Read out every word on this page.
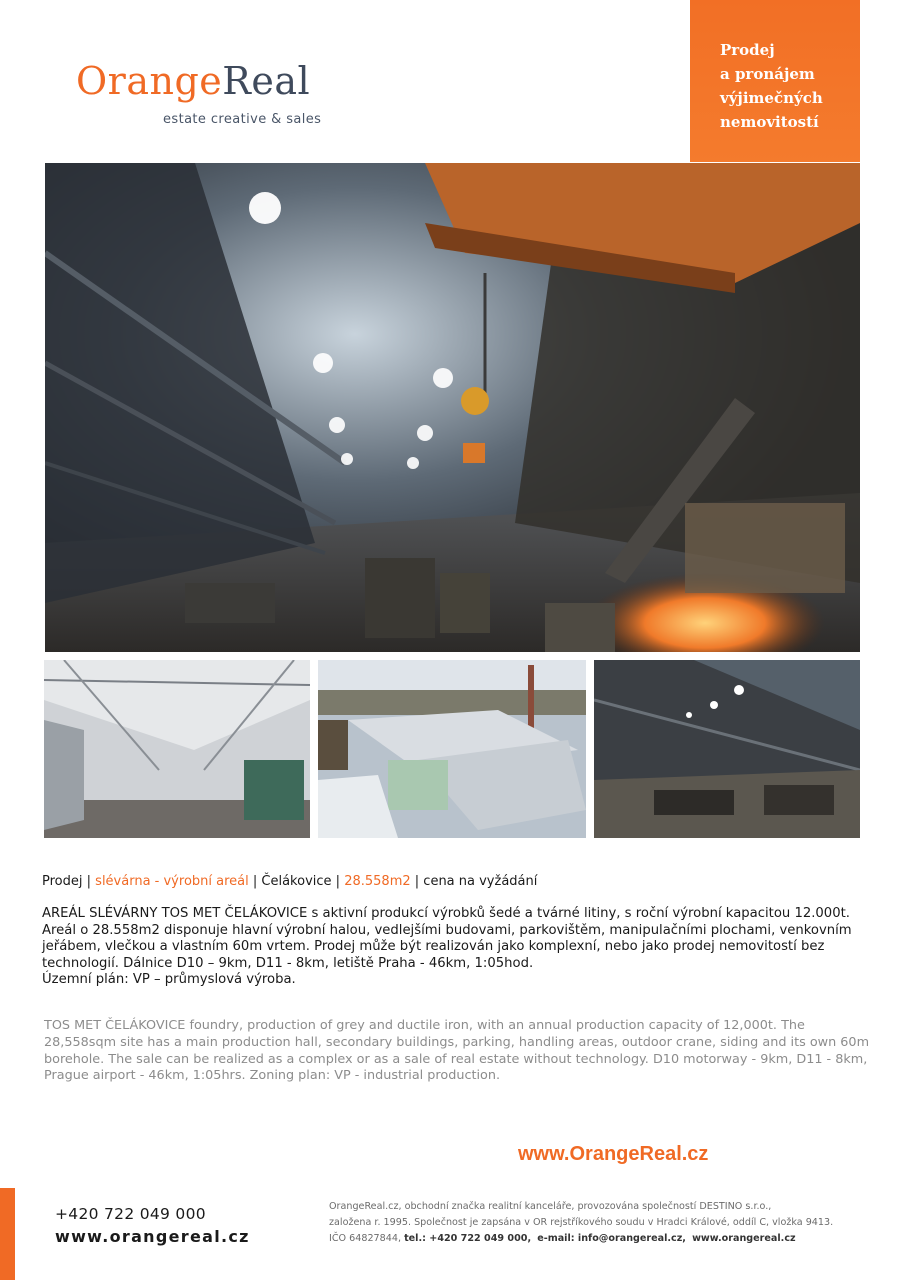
OrangeReal
estate creative & sales
Prodej
a pronájem
výjimečných
nemovitostí
Prodej | slévárna - výrobní areál | Čelákovice | 28.558m2 | cena na vyžádání

AREÁL SLÉVÁRNY TOS MET ČELÁKOVICE s aktivní produkcí výrobků šedé a tvárné litiny, s roční výrobní kapacitou 12.000t. Areál o 28.558m2 disponuje hlavní výrobní halou, vedlejšími budovami, parkovištěm, manipulačními plochami, venkovním jeřábem, vlečkou a vlastním 60m vrtem. Prodej může být realizován jako komplexní, nebo jako prodej nemovitostí bez technologií. Dálnice D10 – 9km, D11 - 8km, letiště Praha - 46km, 1:05hod.

Územní plán: VP – průmyslová výroba.

TOS MET ČELÁKOVICE foundry, production of grey and ductile iron, with an annual production capacity of 12,000t. The 28,558sqm site has a main production hall, secondary buildings, parking, handling areas, outdoor crane, siding and its own 60m borehole. The sale can be realized as a complex or as a sale of real estate without technology. D10 motorway - 9km, D11 - 8km, Prague airport - 46km, 1:05hrs. Zoning plan: VP - industrial production.

www.OrangeReal.cz
+420 722 049 000
www.orangereal.cz
OrangeReal.cz, obchodní značka realitní kanceláře, provozována společností DESTINO s.r.o.,
založena r. 1995. Společnost je zapsána v OR rejstříkového soudu v Hradci Králové, oddíl C, vložka 9413.
IČO 64827844, tel.: +420 722 049 000, e-mail: info@orangereal.cz, www.orangereal.cz
